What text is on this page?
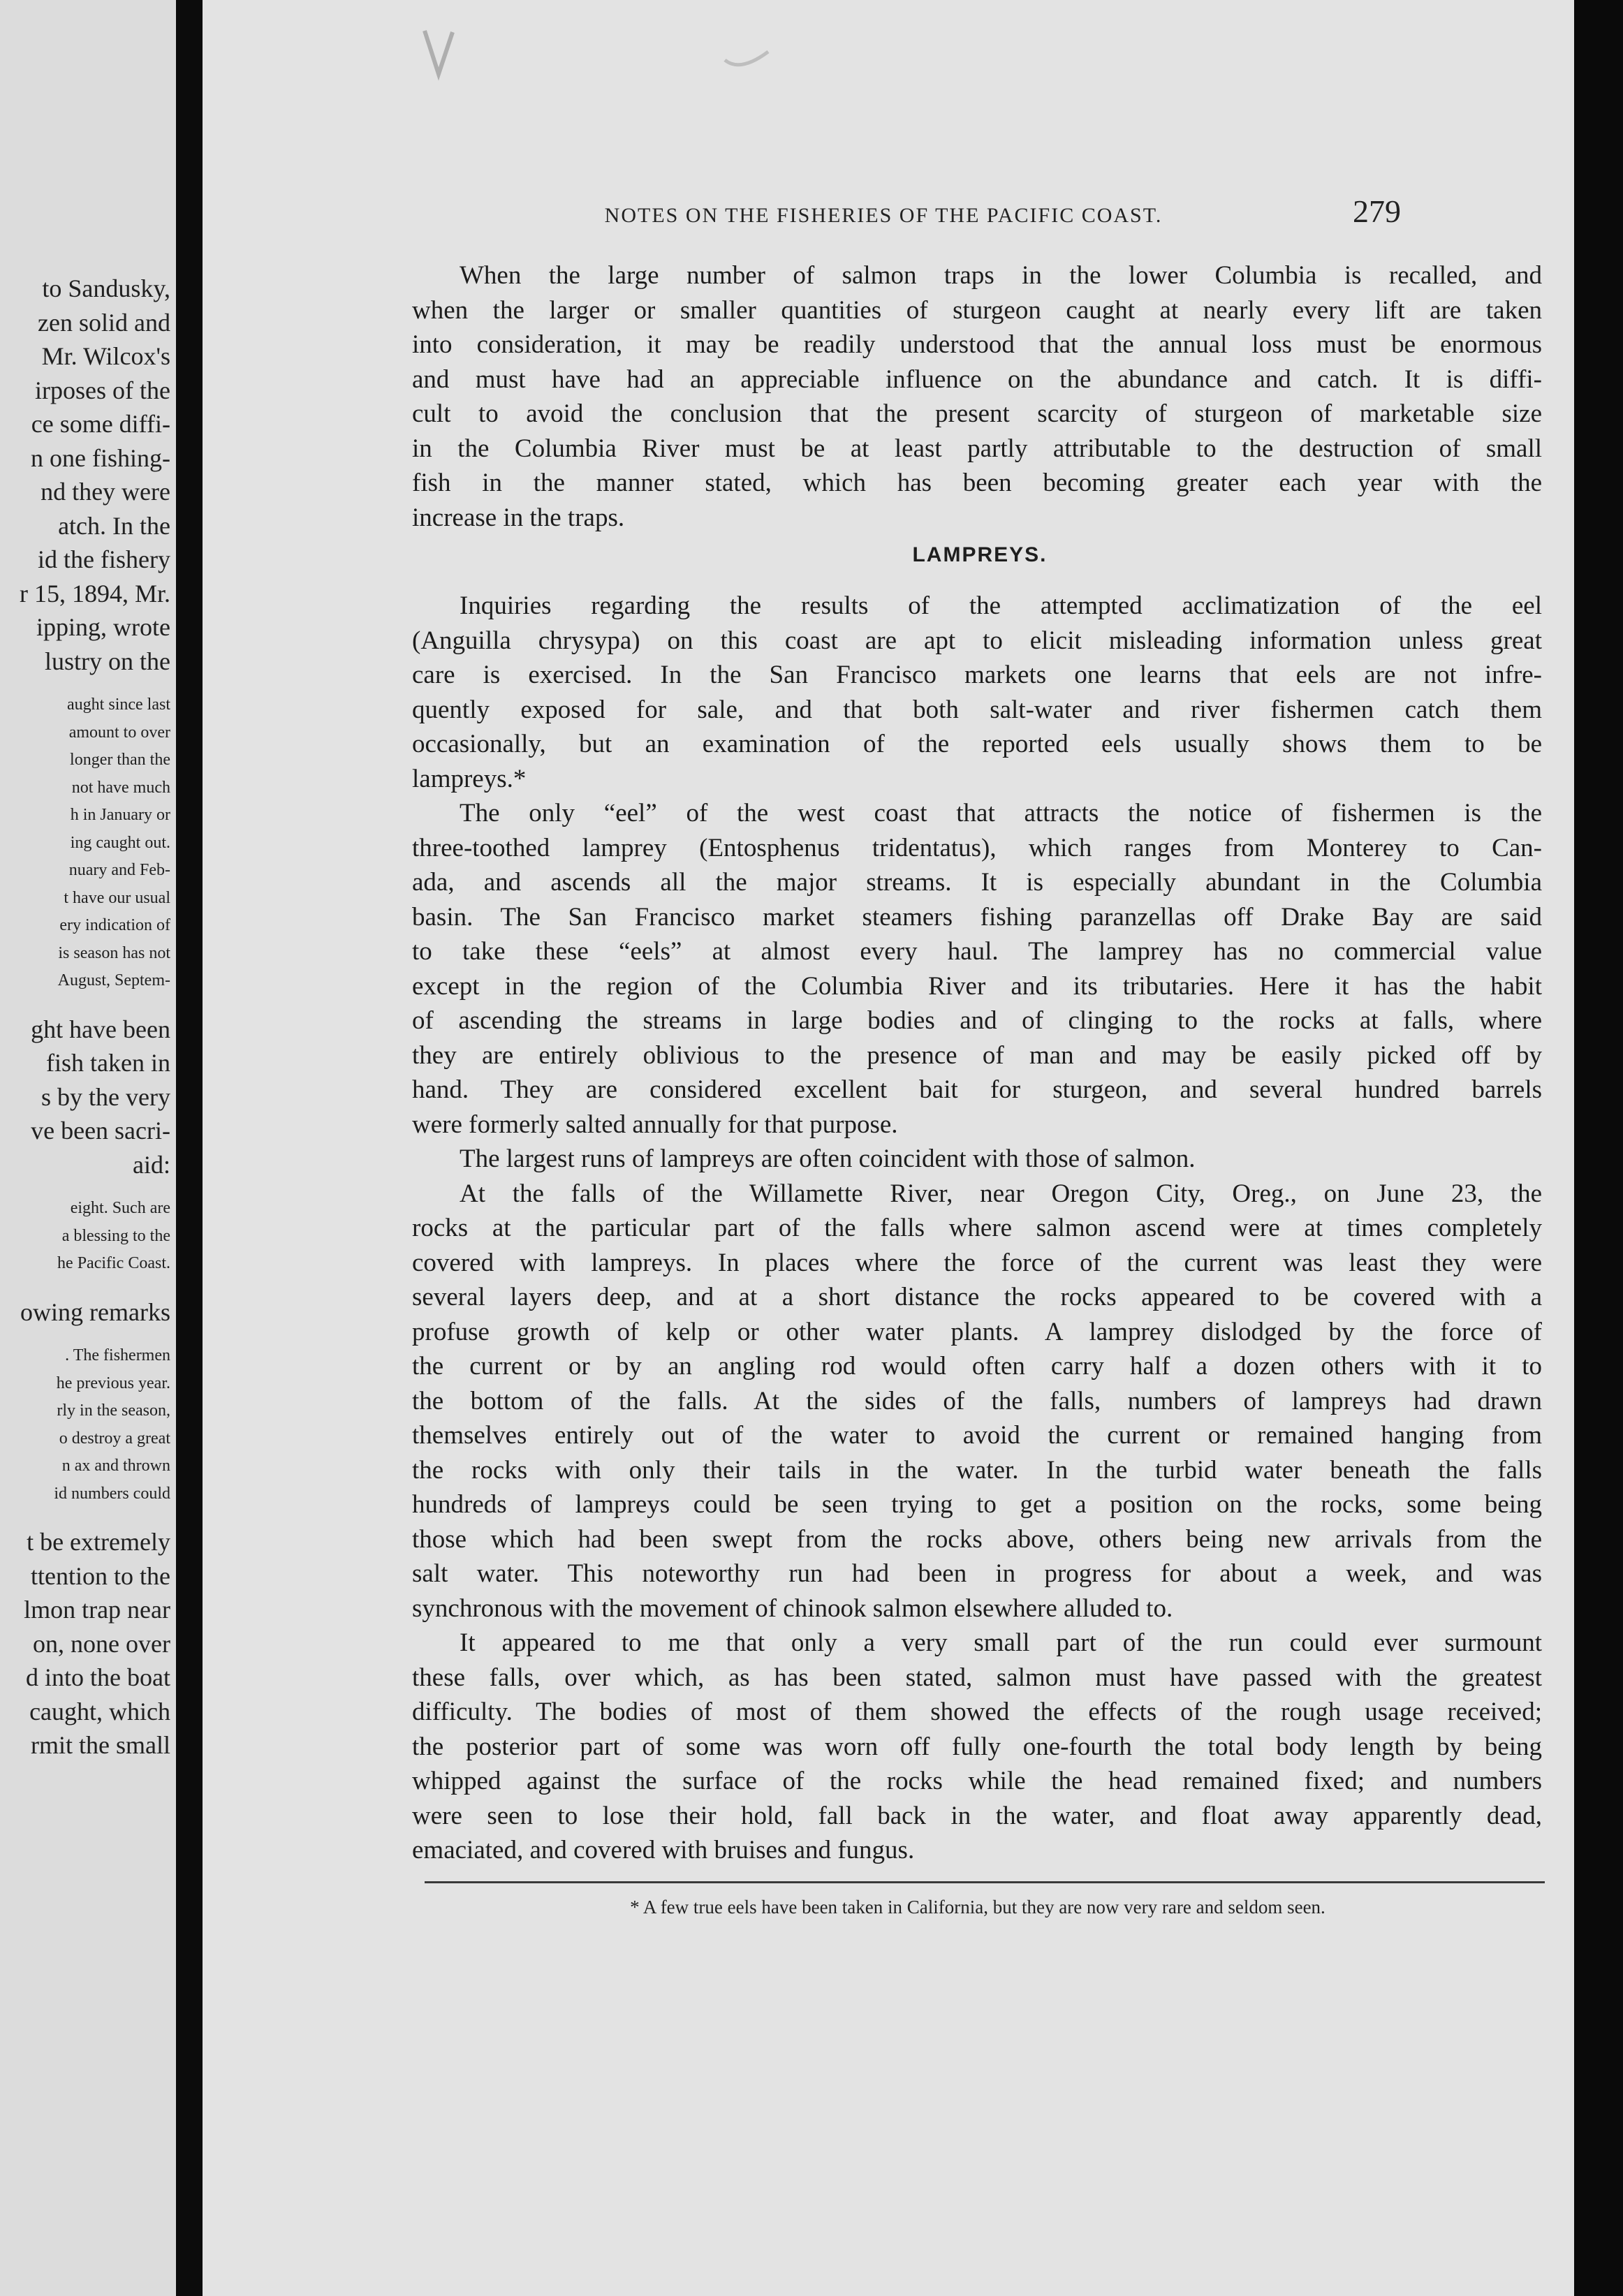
to Sandusky,
zen solid and
Mr. Wilcox's
irposes of the
ce some diffi-
n one fishing-
nd they were
atch. In the
id the fishery
r 15, 1894, Mr.
ipping, wrote
lustry on the
aught since last
amount to over
longer than the
not have much
h in January or
ing caught out.
nuary and Feb-
t have our usual
ery indication of
is season has not
August, Septem-
ght have been
fish taken in
s by the very
ve been sacri-
aid:
eight. Such are
a blessing to the
he Pacific Coast.
owing remarks
. The fishermen
he previous year.
rly in the season,
o destroy a great
n ax and thrown
id numbers could
t be extremely
ttention to the
lmon trap near
on, none over
d into the boat
caught, which
rmit the small
NOTES ON THE FISHERIES OF THE PACIFIC COAST.	279
LAMPREYS.
* A few true eels have been taken in California, but they are now very rare and seldom seen.
When the large number of salmon traps in the lower Columbia is recalled, and
when the larger or smaller quantities of sturgeon caught at nearly every lift are taken
into consideration, it may be readily understood that the annual loss must be enormous
and must have had an appreciable influence on the abundance and catch. It is diffi-
cult to avoid the conclusion that the present scarcity of sturgeon of marketable size
in the Columbia River must be at least partly attributable to the destruction of small
fish in the manner stated, which has been becoming greater each year with the
increase in the traps.
Inquiries regarding the results of the attempted acclimatization of the eel
(Anguilla chrysypa) on this coast are apt to elicit misleading information unless great
care is exercised. In the San Francisco markets one learns that eels are not infre-
quently exposed for sale, and that both salt-water and river fishermen catch them
occasionally, but an examination of the reported eels usually shows them to be
lampreys.*
The only “eel” of the west coast that attracts the notice of fishermen is the
three-toothed lamprey (Entosphenus tridentatus), which ranges from Monterey to Can-
ada, and ascends all the major streams. It is especially abundant in the Columbia
basin. The San Francisco market steamers fishing paranzellas off Drake Bay are said
to take these “eels” at almost every haul. The lamprey has no commercial value
except in the region of the Columbia River and its tributaries. Here it has the habit
of ascending the streams in large bodies and of clinging to the rocks at falls, where
they are entirely oblivious to the presence of man and may be easily picked off by
hand. They are considered excellent bait for sturgeon, and several hundred barrels
were formerly salted annually for that purpose.
The largest runs of lampreys are often coincident with those of salmon.
At the falls of the Willamette River, near Oregon City, Oreg., on June 23, the
rocks at the particular part of the falls where salmon ascend were at times completely
covered with lampreys. In places where the force of the current was least they were
several layers deep, and at a short distance the rocks appeared to be covered with a
profuse growth of kelp or other water plants. A lamprey dislodged by the force of
the current or by an angling rod would often carry half a dozen others with it to
the bottom of the falls. At the sides of the falls, numbers of lampreys had drawn
themselves entirely out of the water to avoid the current or remained hanging from
the rocks with only their tails in the water. In the turbid water beneath the falls
hundreds of lampreys could be seen trying to get a position on the rocks, some being
those which had been swept from the rocks above, others being new arrivals from the
salt water. This noteworthy run had been in progress for about a week, and was
synchronous with the movement of chinook salmon elsewhere alluded to.
It appeared to me that only a very small part of the run could ever surmount
these falls, over which, as has been stated, salmon must have passed with the greatest
difficulty. The bodies of most of them showed the effects of the rough usage received;
the posterior part of some was worn off fully one-fourth the total body length by being
whipped against the surface of the rocks while the head remained fixed; and numbers
were seen to lose their hold, fall back in the water, and float away apparently dead,
emaciated, and covered with bruises and fungus.
